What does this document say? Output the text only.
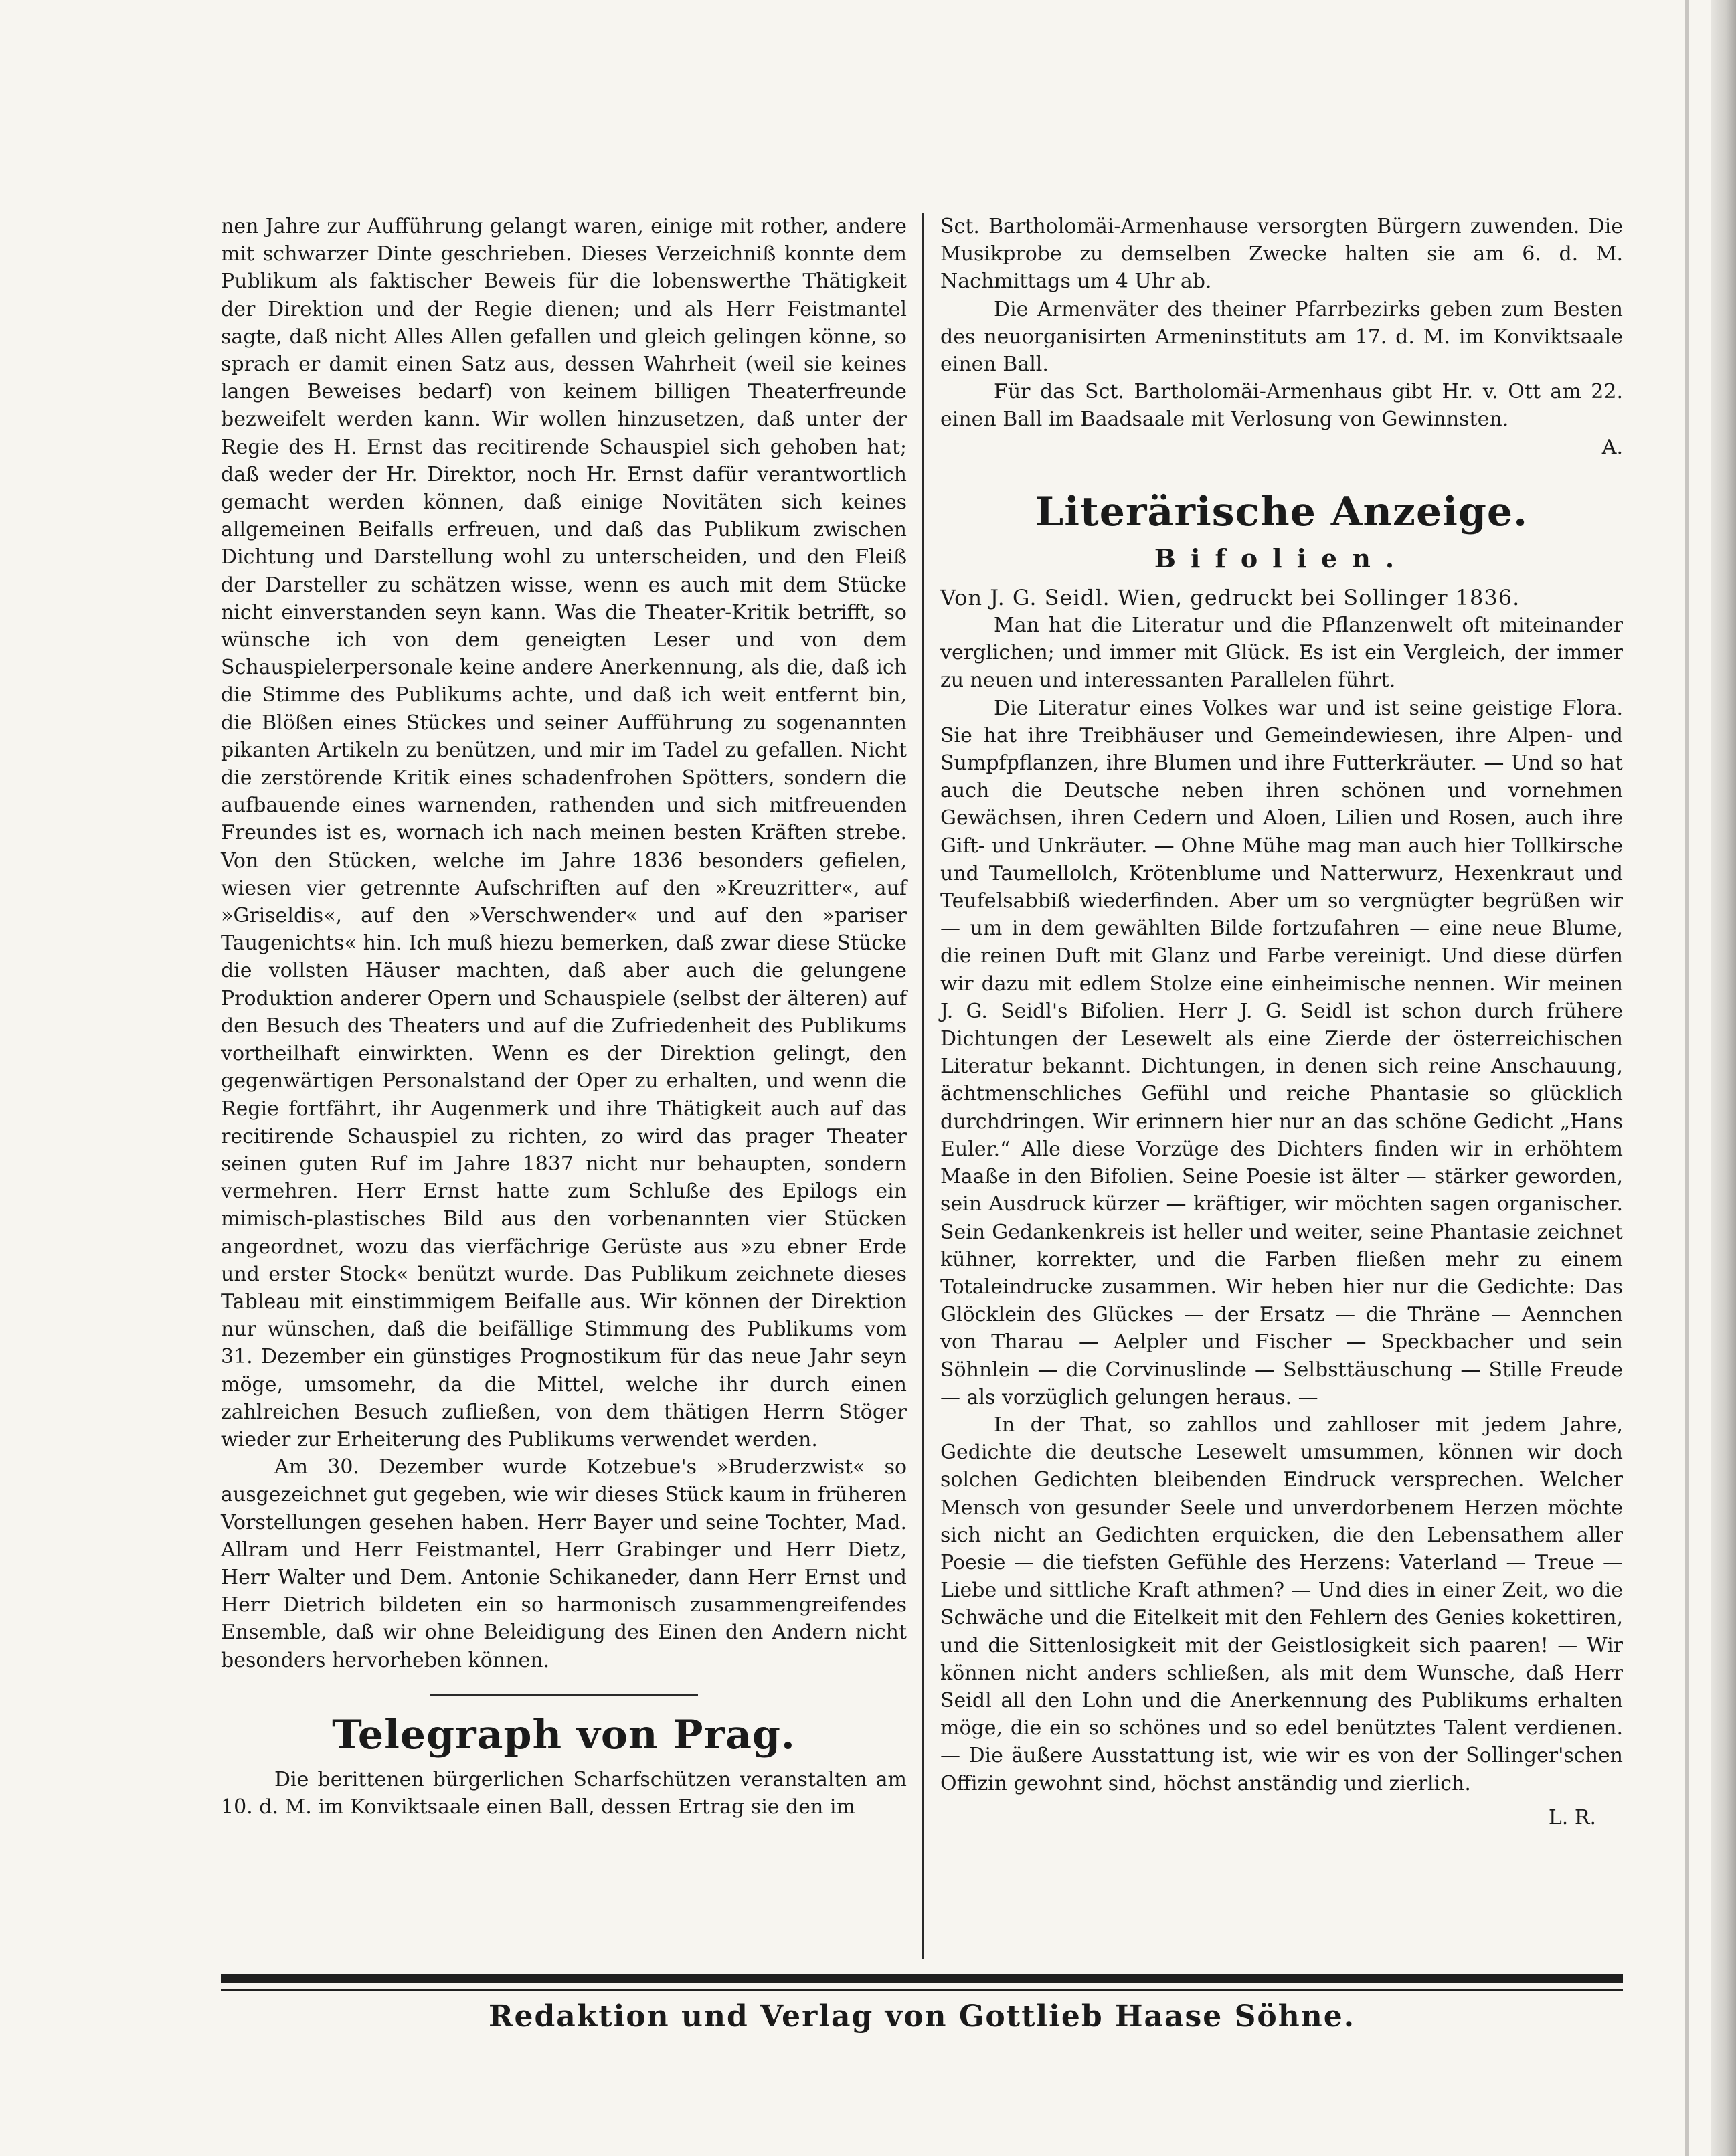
nen Jahre zur Aufführung gelangt waren, einige mit rother, andere mit schwarzer Dinte geschrieben. Dieses Verzeichniß konnte dem Publikum als faktischer Beweis für die lobenswerthe Thätigkeit der Direktion und der Regie dienen; und als Herr Feistmantel sagte, daß nicht Alles Allen gefallen und gleich gelingen könne, so sprach er damit einen Satz aus, dessen Wahrheit (weil sie keines langen Beweises bedarf) von keinem billigen Theaterfreunde bezweifelt werden kann. Wir wollen hinzusetzen, daß unter der Regie des H. Ernst das recitirende Schauspiel sich gehoben hat; daß weder der Hr. Direktor, noch Hr. Ernst dafür verantwortlich gemacht werden können, daß einige Novitäten sich keines allgemeinen Beifalls erfreuen, und daß das Publikum zwischen Dichtung und Darstellung wohl zu unterscheiden, und den Fleiß der Darsteller zu schätzen wisse, wenn es auch mit dem Stücke nicht einverstanden seyn kann. Was die Theater-Kritik betrifft, so wünsche ich von dem geneigten Leser und von dem Schauspielerpersonale keine andere Anerkennung, als die, daß ich die Stimme des Publikums achte, und daß ich weit entfernt bin, die Blößen eines Stückes und seiner Aufführung zu sogenannten pikanten Artikeln zu benützen, und mir im Tadel zu gefallen. Nicht die zerstörende Kritik eines schadenfrohen Spötters, sondern die aufbauende eines warnenden, rathenden und sich mitfreuenden Freundes ist es, wornach ich nach meinen besten Kräften strebe. Von den Stücken, welche im Jahre 1836 besonders gefielen, wiesen vier getrennte Aufschriften auf den »Kreuzritter«, auf »Griseldis«, auf den »Verschwender« und auf den »pariser Taugenichts« hin. Ich muß hiezu bemerken, daß zwar diese Stücke die vollsten Häuser machten, daß aber auch die gelungene Produktion anderer Opern und Schauspiele (selbst der älteren) auf den Besuch des Theaters und auf die Zufriedenheit des Publikums vortheilhaft einwirkten. Wenn es der Direktion gelingt, den gegenwärtigen Personalstand der Oper zu erhalten, und wenn die Regie fortfährt, ihr Augenmerk und ihre Thätigkeit auch auf das recitirende Schauspiel zu richten, zo wird das prager Theater seinen guten Ruf im Jahre 1837 nicht nur behaupten, sondern vermehren. Herr Ernst hatte zum Schluße des Epilogs ein mimisch-plastisches Bild aus den vorbenannten vier Stücken angeordnet, wozu das vierfächrige Gerüste aus »zu ebner Erde und erster Stock« benützt wurde. Das Publikum zeichnete dieses Tableau mit einstimmigem Beifalle aus. Wir können der Direktion nur wünschen, daß die beifällige Stimmung des Publikums vom 31. Dezember ein günstiges Prognostikum für das neue Jahr seyn möge, umsomehr, da die Mittel, welche ihr durch einen zahlreichen Besuch zufließen, von dem thätigen Herrn Stöger wieder zur Erheiterung des Publikums verwendet werden.

Am 30. Dezember wurde Kotzebue's »Bruderzwist« so ausgezeichnet gut gegeben, wie wir dieses Stück kaum in früheren Vorstellungen gesehen haben. Herr Bayer und seine Tochter, Mad. Allram und Herr Feistmantel, Herr Grabinger und Herr Dietz, Herr Walter und Dem. Antonie Schikaneder, dann Herr Ernst und Herr Dietrich bildeten ein so harmonisch zusammengreifendes Ensemble, daß wir ohne Beleidigung des Einen den Andern nicht besonders hervorheben können.

Telegraph von Prag.

Die berittenen bürgerlichen Scharfschützen veranstalten am 10. d. M. im Konviktsaale einen Ball, dessen Ertrag sie den im

Sct. Bartholomäi-Armenhause versorgten Bürgern zuwenden. Die Musikprobe zu demselben Zwecke halten sie am 6. d. M. Nachmittags um 4 Uhr ab.

Die Armenväter des theiner Pfarrbezirks geben zum Besten des neuorganisirten Armeninstituts am 17. d. M. im Konviktsaale einen Ball.

Für das Sct. Bartholomäi-Armenhaus gibt Hr. v. Ott am 22. einen Ball im Baadsaale mit Verlosung von Gewinnsten.

A.

Literärische Anzeige.
Bifolien.

Von J. G. Seidl. Wien, gedruckt bei Sollinger 1836.

Man hat die Literatur und die Pflanzenwelt oft miteinander verglichen; und immer mit Glück. Es ist ein Vergleich, der immer zu neuen und interessanten Parallelen führt.

Die Literatur eines Volkes war und ist seine geistige Flora. Sie hat ihre Treibhäuser und Gemeindewiesen, ihre Alpen- und Sumpfpflanzen, ihre Blumen und ihre Futterkräuter. — Und so hat auch die Deutsche neben ihren schönen und vornehmen Gewächsen, ihren Cedern und Aloen, Lilien und Rosen, auch ihre Gift- und Unkräuter. — Ohne Mühe mag man auch hier Tollkirsche und Taumellolch, Krötenblume und Natterwurz, Hexenkraut und Teufelsabbiß wiederfinden. Aber um so vergnügter begrüßen wir — um in dem gewählten Bilde fortzufahren — eine neue Blume, die reinen Duft mit Glanz und Farbe vereinigt. Und diese dürfen wir dazu mit edlem Stolze eine einheimische nennen. Wir meinen J. G. Seidl's Bifolien. Herr J. G. Seidl ist schon durch frühere Dichtungen der Lesewelt als eine Zierde der österreichischen Literatur bekannt. Dichtungen, in denen sich reine Anschauung, ächtmenschliches Gefühl und reiche Phantasie so glücklich durchdringen. Wir erinnern hier nur an das schöne Gedicht „Hans Euler.“ Alle diese Vorzüge des Dichters finden wir in erhöhtem Maaße in den Bifolien. Seine Poesie ist älter — stärker geworden, sein Ausdruck kürzer — kräftiger, wir möchten sagen organischer. Sein Gedankenkreis ist heller und weiter, seine Phantasie zeichnet kühner, korrekter, und die Farben fließen mehr zu einem Totaleindrucke zusammen. Wir heben hier nur die Gedichte: Das Glöcklein des Glückes — der Ersatz — die Thräne — Aennchen von Tharau — Aelpler und Fischer — Speckbacher und sein Söhnlein — die Corvinuslinde — Selbsttäuschung — Stille Freude — als vorzüglich gelungen heraus. —

In der That, so zahllos und zahlloser mit jedem Jahre, Gedichte die deutsche Lesewelt umsummen, können wir doch solchen Gedichten bleibenden Eindruck versprechen. Welcher Mensch von gesunder Seele und unverdorbenem Herzen möchte sich nicht an Gedichten erquicken, die den Lebensathem aller Poesie — die tiefsten Gefühle des Herzens: Vaterland — Treue — Liebe und sittliche Kraft athmen? — Und dies in einer Zeit, wo die Schwäche und die Eitelkeit mit den Fehlern des Genies kokettiren, und die Sittenlosigkeit mit der Geistlosigkeit sich paaren! — Wir können nicht anders schließen, als mit dem Wunsche, daß Herr Seidl all den Lohn und die Anerkennung des Publikums erhalten möge, die ein so schönes und so edel benütztes Talent verdienen. — Die äußere Ausstattung ist, wie wir es von der Sollinger'schen Offizin gewohnt sind, höchst anständig und zierlich.

L. R.

Redaktion und Verlag von Gottlieb Haase Söhne.
